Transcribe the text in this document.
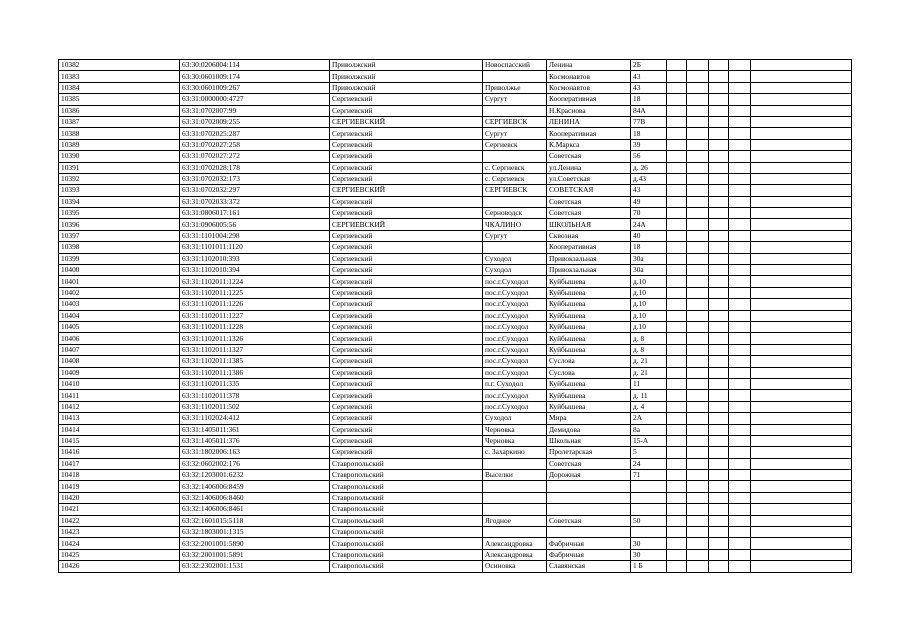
10382	63:30:0206004:114	Приволжский	Новоспасский	Ленина	2Б					
10383	63:30:0601009:174	Приволжский		Космонавтов	43					
10384	63:30:0601009:267	Приволжский	Приволжье	Космонавтов	43					
10385	63:31:0000000:4727	Сергиевский	Сургут	Кооперативная	18					
10386	63:31:0702007:99	Сергиевский		Н.Краснова	84А					
10387	63:31:0702009:255	СЕРГИЕВСКИЙ	СЕРГИЕВСК	ЛЕНИНА	77В					
10388	63:31:0702025:287	Сергиевский	Сургут	Кооперативная	18					
10389	63:31:0702027:258	Сергиевский	Сергиевск	К.Маркса	39					
10390	63:31:0702027:272	Сергиевский		Советская	56					
10391	63:31:0702028:178	Сергиевский	с. Сергиевск	ул.Ленина	д. 26					
10392	63:31:0702032:173	Сергиевский	с. Сергиевск	ул.Советская	д.43					
10393	63:31:0702032:297	СЕРГИЕВСКИЙ	СЕРГИЕВСК	СОВЕТСКАЯ	43					
10394	63:31:0702033:372	Сергиевский		Советская	49					
10395	63:31:0806017:161	Сергиевский	Серноводск	Советская	70					
10396	63:31:0906005:56	СЕРГИЕВСКИЙ	ЧКАЛИНО	ШКОЛЬНАЯ	24А					
10397	63:31:1101004:298	Сергиевский	Сургут	Сквозная	40					
10398	63:31:1101011:1120	Сергиевский		Кооперативная	18					
10399	63:31:1102010:393	Сергиевский	Суходол	Привокзальная	30а					
10400	63:31:1102010:394	Сергиевский	Суходол	Привокзальная	30а					
10401	63:31:1102011:1224	Сергиевский	пос.г.Суходол	Куйбышева	д.10					
10402	63:31:1102011:1225	Сергиевский	пос.г.Суходол	Куйбышева	д.10					
10403	63:31:1102011:1226	Сергиевский	пос.г.Суходол	Куйбышева	д.10					
10404	63:31:1102011:1227	Сергиевский	пос.г.Суходол	Куйбышева	д.10					
10405	63:31:1102011:1228	Сергиевский	пос.г.Суходол	Куйбышева	д.10					
10406	63:31:1102011:1326	Сергиевский	пос.г.Суходол	Куйбышева	д. 8					
10407	63:31:1102011:1327	Сергиевский	пос.г.Суходол	Куйбышева	д. 8					
10408	63:31:1102011:1385	Сергиевский	пос.г.Суходол	Суслова	д. 21					
10409	63:31:1102011:1386	Сергиевский	пос.г.Суходол	Суслова	д. 21					
10410	63:31:1102011:335	Сергиевский	п.г. Суходол	Куйбышева	11					
10411	63:31:1102011:378	Сергиевский	пос.г.Суходол	Куйбышева	д. 11					
10412	63:31:1102011:502	Сергиевский	пос.г.Суходол	Куйбышева	д. 4					
10413	63:31:1102024:412	Сергиевский	Суходол	Мира	2А					
10414	63:31:1405011:361	Сергиевский	Черновка	Демидова	8а					
10415	63:31:1405011:376	Сергиевский	Черновка	Школьная	15-А					
10416	63:31:1802006:163	Сергиевский	с. Захаркино	Пролетарская	5					
10417	63:32:0602002:176	Ставропольский		Советская	24					
10418	63:32:1203001:6232	Ставропольский	Выселки	Дорожная	71					
10419	63:32:1406006:8459	Ставропольский								
10420	63:32:1406006:8460	Ставропольский								
10421	63:32:1406006:8461	Ставропольский								
10422	63:32:1601015:5118	Ставропольский	Ягодное	Советская	50					
10423	63:32:1803001:1315	Ставропольский								
10424	63:32:2001001:5890	Ставропольский	Александровка	Фабричная	30					
10425	63:32:2001001:5891	Ставропольский	Александровка	Фабричная	30					
10426	63:32:2302001:1531	Ставропольский	Осиновка	Славянская	1 Б					
